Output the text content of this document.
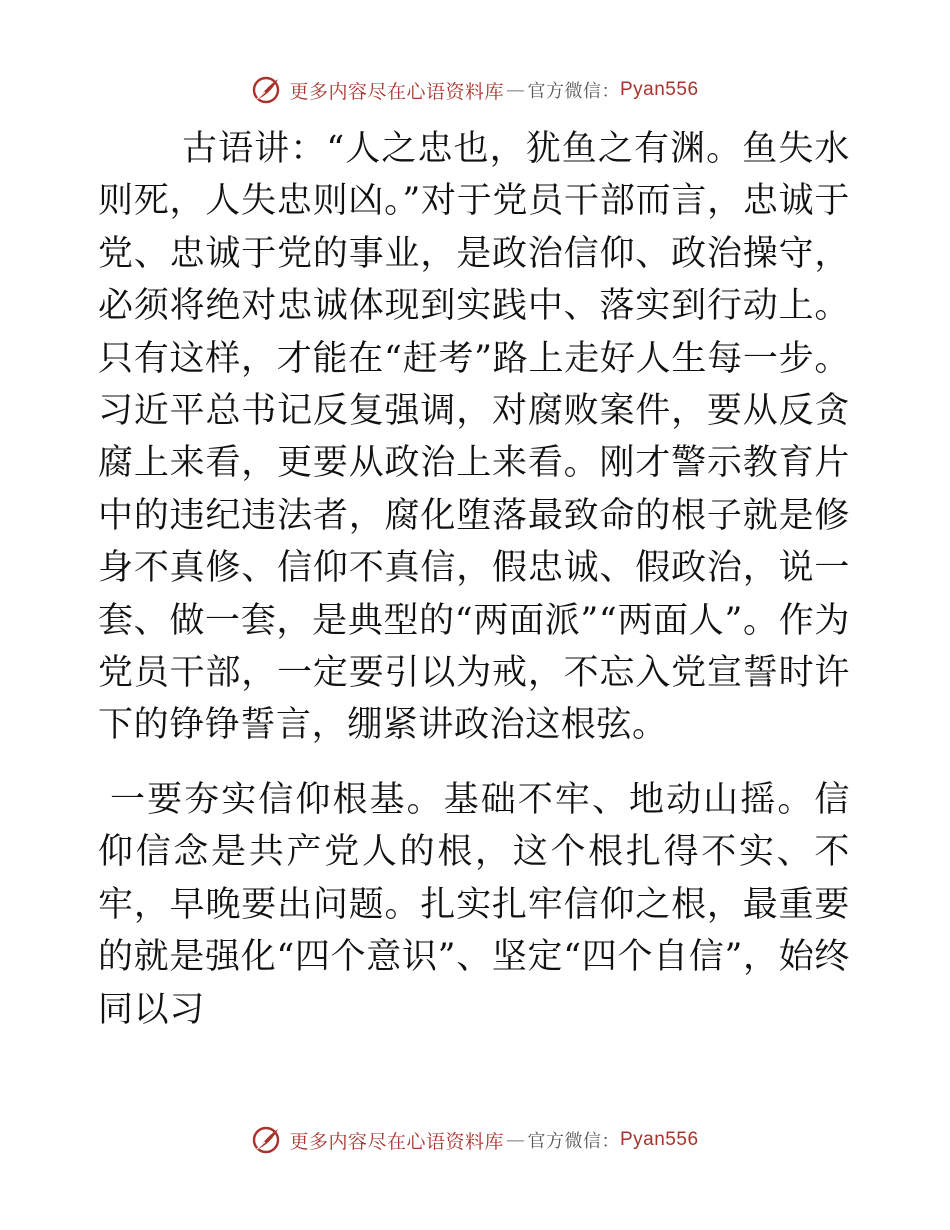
更多内容尽在心语资料库 — 官方微信： Pyan556

古语讲：“人之忠也，犹鱼之有渊。鱼失水则死，人失忠则凶。”对于党员干部而言，忠诚于党、忠诚于党的事业，是政治信仰、政治操守，必须将绝对忠诚体现到实践中、落实到行动上。只有这样，才能在“赶考”路上走好人生每一步。习近平总书记反复强调，对腐败案件，要从反贪腐上来看，更要从政治上来看。刚才警示教育片中的违纪违法者，腐化堕落最致命的根子就是修身不真修、信仰不真信，假忠诚、假政治，说一套、做一套，是典型的“两面派”“两面人”。作为党员干部，一定要引以为戒，不忘入党宣誓时许下的铮铮誓言，绷紧讲政治这根弦。

一要夯实信仰根基。基础不牢、地动山摇。信仰信念是共产党人的根，这个根扎得不实、不牢，早晚要出问题。扎实扎牢信仰之根，最重要的就是强化“四个意识”、坚定“四个自信”，始终同以习

更多内容尽在心语资料库 — 官方微信： Pyan556
